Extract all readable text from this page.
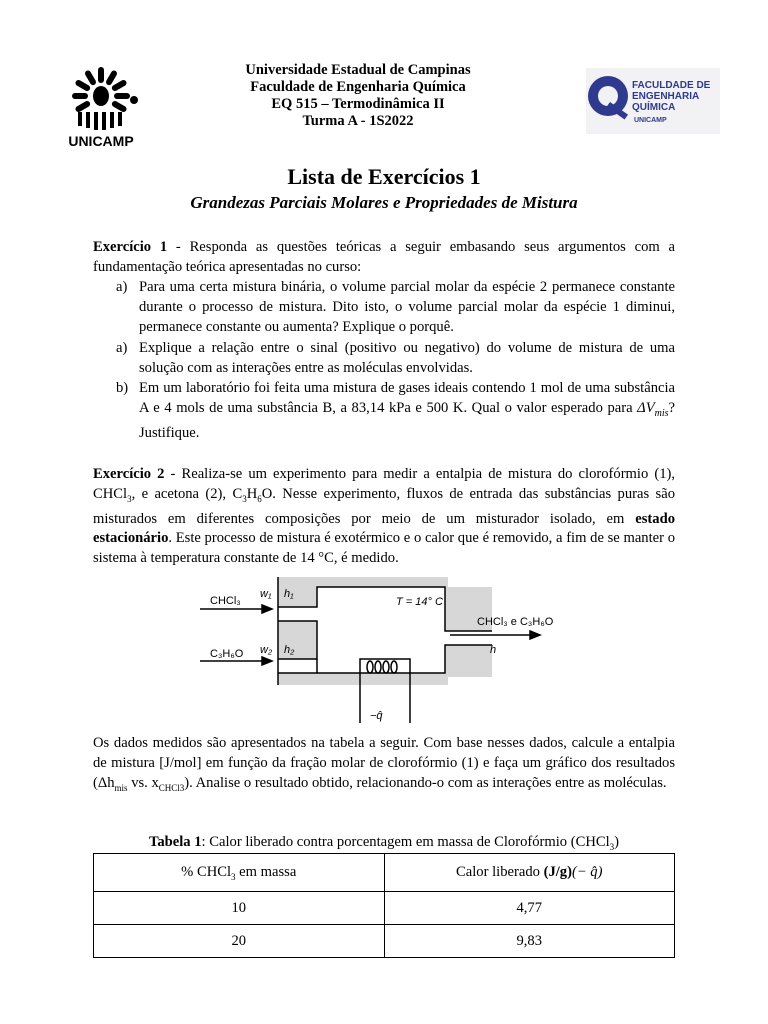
UNICAMP
Universidade Estadual de Campinas
Faculdade de Engenharia Química
EQ 515 – Termodinâmica II
Turma A - 1S2022
FACULDADE DE
ENGENHARIA
QUÍMICA
UNICAMP
Lista de Exercícios 1
Grandezas Parciais Molares e Propriedades de Mistura
Exercício 1 - Responda as questões teóricas a seguir embasando seus argumentos com a fundamentação teórica apresentadas no curso:
a) Para uma certa mistura binária, o volume parcial molar da espécie 2 permanece constante durante o processo de mistura. Dito isto, o volume parcial molar da espécie 1 diminui, permanece constante ou aumenta? Explique o porquê.
a) Explique a relação entre o sinal (positivo ou negativo) do volume de mistura de uma solução com as interações entre as moléculas envolvidas.
b) Em um laboratório foi feita uma mistura de gases ideais contendo 1 mol de uma substância A e 4 mols de uma substância B, a 83,14 kPa e 500 K. Qual o valor esperado para $\Delta V_{mis}$? Justifique.
Exercício 2 - Realiza-se um experimento para medir a entalpia de mistura do clorofórmio (1), CHCl$_3$, e acetona (2), $C_3H_6O$. Nesse experimento, fluxos de entrada das substâncias puras são misturados em diferentes composições por meio de um misturador isolado, em estado estacionário. Este processo de mistura é exotérmico e o calor que é removido, a fim de se manter o sistema à temperatura constante de 14 °C, é medido.
CHCl₃
C₃H₆O
w₁ h₁
w₂ h₂
T = 14° C
CHCl₃ e C₃H₆O
h
−q̂
Os dados medidos são apresentados na tabela a seguir. Com base nesses dados, calcule a entalpia de mistura [J/mol] em função da fração molar de clorofórmio (1) e faça um gráfico dos resultados ($\Delta h_{mis}$ vs. $x_{CHCl3}$). Analise o resultado obtido, relacionando-o com as interações entre as moléculas.
Tabela 1: Calor liberado contra porcentagem em massa de Clorofórmio (CHCl$_3$)
% CHCl$_3$ em massa	Calor liberado (J/g)(− q̂)
10	4,77
20	9,83
